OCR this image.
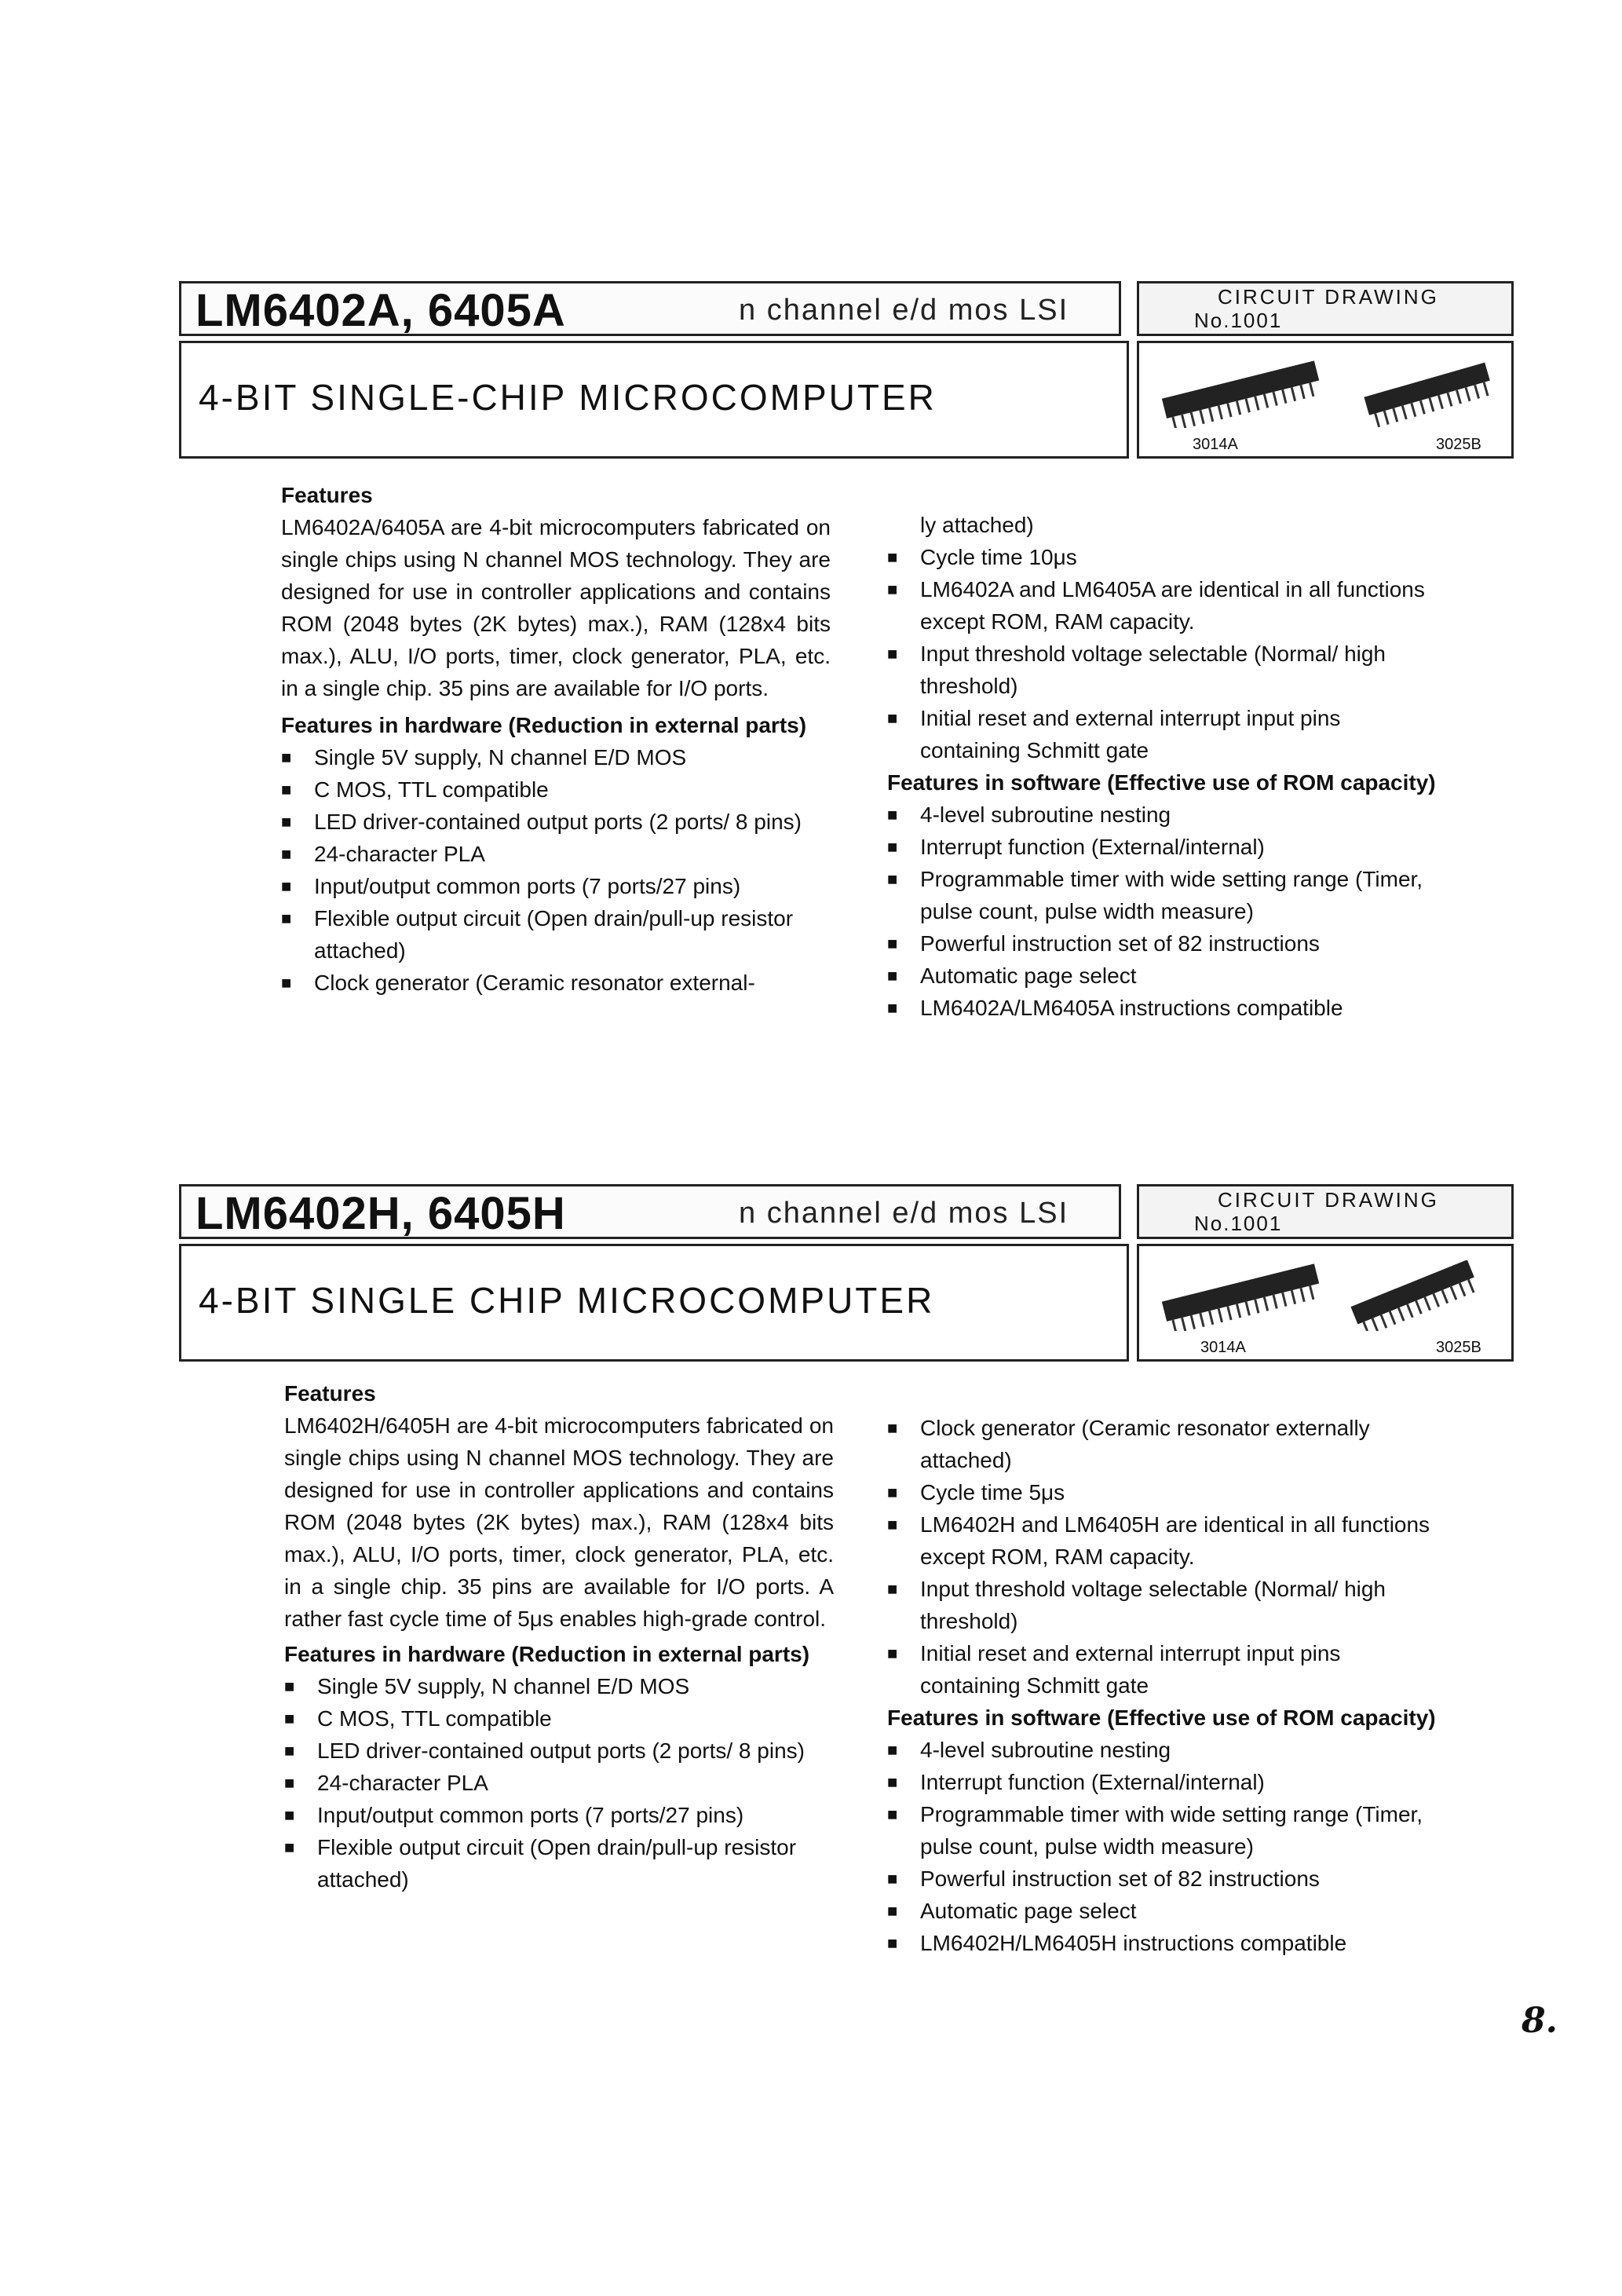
LM6402A, 6405A	n channel e/d mos LSI	CIRCUIT DRAWING
No.1001
4-BIT SINGLE-CHIP MICROCOMPUTER
3014A	3025B

Features

LM6402A/6405A are 4-bit microcomputers fabricated on single chips using N channel MOS technology. They are designed for use in controller applications and contains ROM (2048 bytes (2K bytes) max.), RAM (128x4 bits max.), ALU, I/O ports, timer, clock generator, PLA, etc. in a single chip. 35 pins are available for I/O ports.

Features in hardware (Reduction in external parts)

■ Single 5V supply, N channel E/D MOS
■ C MOS, TTL compatible
■ LED driver-contained output ports (2 ports/ 8 pins)
■ 24-character PLA
■ Input/output common ports (7 ports/27 pins)
■ Flexible output circuit (Open drain/pull-up resistor attached)
■ Clock generator (Ceramic resonator external-

ly attached)

■ Cycle time 10μs
■ LM6402A and LM6405A are identical in all functions except ROM, RAM capacity.
■ Input threshold voltage selectable (Normal/ high threshold)
■ Initial reset and external interrupt input pins containing Schmitt gate

Features in software (Effective use of ROM capacity)

■ 4-level subroutine nesting
■ Interrupt function (External/internal)
■ Programmable timer with wide setting range (Timer, pulse count, pulse width measure)
■ Powerful instruction set of 82 instructions
■ Automatic page select
■ LM6402A/LM6405A instructions compatible
LM6402H, 6405H	n channel e/d mos LSI	CIRCUIT DRAWING
No.1001
4-BIT SINGLE CHIP MICROCOMPUTER
3014A	3025B

Features

LM6402H/6405H are 4-bit microcomputers fabricated on single chips using N channel MOS technology. They are designed for use in controller applications and contains ROM (2048 bytes (2K bytes) max.), RAM (128x4 bits max.), ALU, I/O ports, timer, clock generator, PLA, etc. in a single chip. 35 pins are available for I/O ports. A rather fast cycle time of 5μs enables high-grade control.

Features in hardware (Reduction in external parts)

■ Single 5V supply, N channel E/D MOS
■ C MOS, TTL compatible
■ LED driver-contained output ports (2 ports/ 8 pins)
■ 24-character PLA
■ Input/output common ports (7 ports/27 pins)
■ Flexible output circuit (Open drain/pull-up resistor attached)
■ Clock generator (Ceramic resonator externally attached)
■ Cycle time 5μs
■ LM6402H and LM6405H are identical in all functions except ROM, RAM capacity.
■ Input threshold voltage selectable (Normal/ high threshold)
■ Initial reset and external interrupt input pins containing Schmitt gate

Features in software (Effective use of ROM capacity)

■ 4-level subroutine nesting
■ Interrupt function (External/internal)
■ Programmable timer with wide setting range (Timer, pulse count, pulse width measure)
■ Powerful instruction set of 82 instructions
■ Automatic page select
■ LM6402H/LM6405H instructions compatible
8.
